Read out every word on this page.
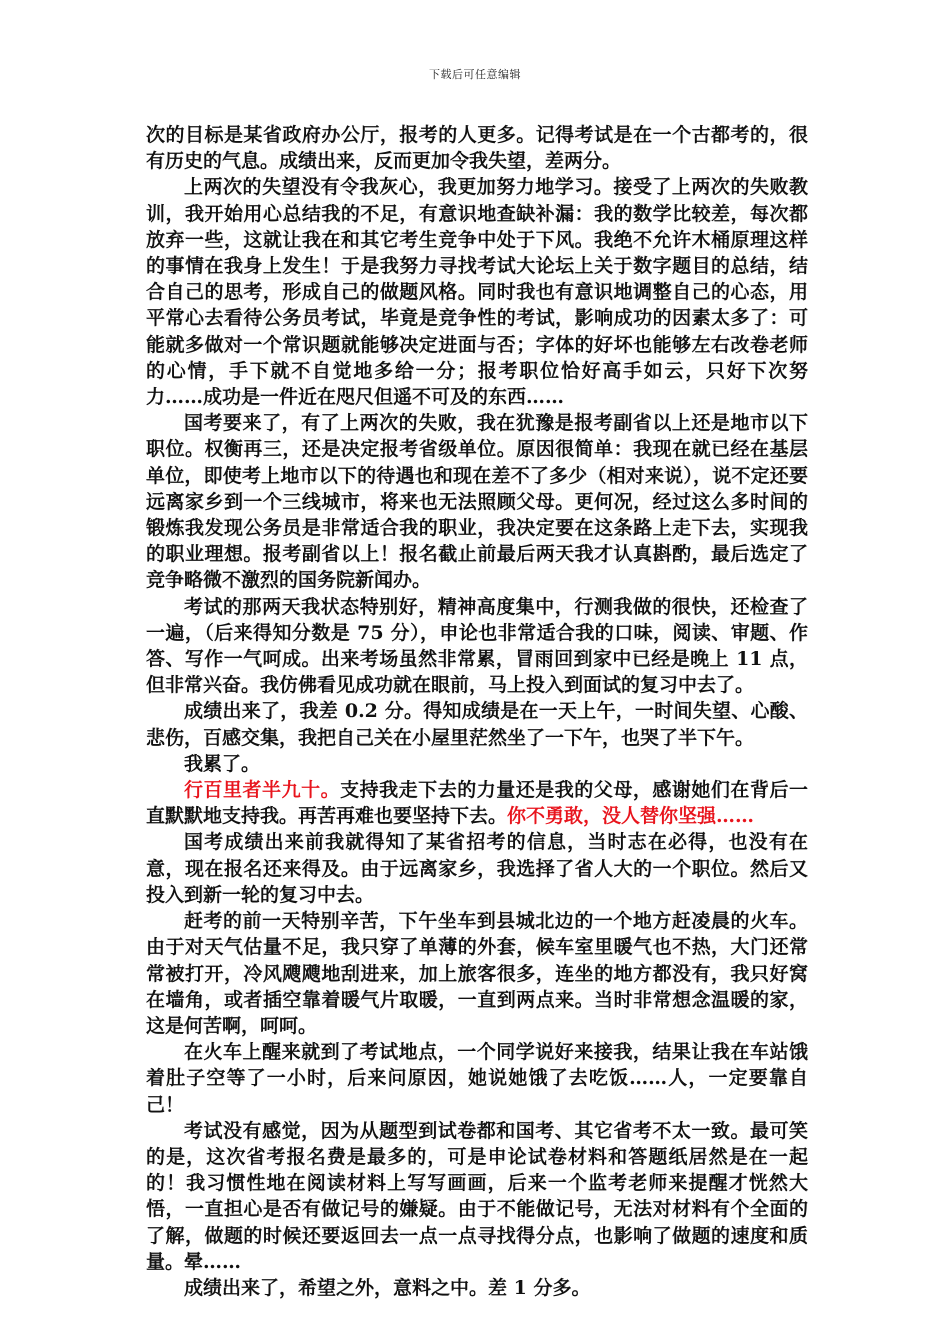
下载后可任意编辑

次的目标是某省政府办公厅，报考的人更多。记得考试是在一个古都考的，很有历史的气息。成绩出来，反而更加令我失望，差两分。

上两次的失望没有令我灰心，我更加努力地学习。接受了上两次的失败教训，我开始用心总结我的不足，有意识地查缺补漏：我的数学比较差，每次都放弃一些，这就让我在和其它考生竞争中处于下风。我绝不允许木桶原理这样的事情在我身上发生！于是我努力寻找考试大论坛上关于数字题目的总结，结合自己的思考，形成自己的做题风格。同时我也有意识地调整自己的心态，用平常心去看待公务员考试，毕竟是竞争性的考试，影响成功的因素太多了：可能就多做对一个常识题就能够决定进面与否；字体的好坏也能够左右改卷老师的心情，手下就不自觉地多给一分；报考职位恰好高手如云，只好下次努力……成功是一件近在咫尺但遥不可及的东西……

国考要来了，有了上两次的失败，我在犹豫是报考副省以上还是地市以下职位。权衡再三，还是决定报考省级单位。原因很简单：我现在就已经在基层单位，即使考上地市以下的待遇也和现在差不了多少（相对来说），说不定还要远离家乡到一个三线城市，将来也无法照顾父母。更何况，经过这么多时间的锻炼我发现公务员是非常适合我的职业，我决定要在这条路上走下去，实现我的职业理想。报考副省以上！报名截止前最后两天我才认真斟酌，最后选定了竞争略微不激烈的国务院新闻办。

考试的那两天我状态特别好，精神高度集中，行测我做的很快，还检查了一遍，（后来得知分数是 75 分），申论也非常适合我的口味，阅读、审题、作答、写作一气呵成。出来考场虽然非常累，冒雨回到家中已经是晚上 11 点，但非常兴奋。我仿佛看见成功就在眼前，马上投入到面试的复习中去了。

成绩出来了，我差 0.2 分。得知成绩是在一天上午，一时间失望、心酸、悲伤，百感交集，我把自己关在小屋里茫然坐了一下午，也哭了半下午。

我累了。

行百里者半九十。支持我走下去的力量还是我的父母，感谢她们在背后一直默默地支持我。再苦再难也要坚持下去。你不勇敢，没人替你坚强……

国考成绩出来前我就得知了某省招考的信息，当时志在必得，也没有在意，现在报名还来得及。由于远离家乡，我选择了省人大的一个职位。然后又投入到新一轮的复习中去。

赶考的前一天特别辛苦，下午坐车到县城北边的一个地方赶凌晨的火车。由于对天气估量不足，我只穿了单薄的外套，候车室里暖气也不热，大门还常常被打开，冷风飕飕地刮进来，加上旅客很多，连坐的地方都没有，我只好窝在墙角，或者插空靠着暖气片取暖，一直到两点来。当时非常想念温暖的家，这是何苦啊，呵呵。

在火车上醒来就到了考试地点，一个同学说好来接我，结果让我在车站饿着肚子空等了一小时，后来问原因，她说她饿了去吃饭……人，一定要靠自己！

考试没有感觉，因为从题型到试卷都和国考、其它省考不太一致。最可笑的是，这次省考报名费是最多的，可是申论试卷材料和答题纸居然是在一起的！我习惯性地在阅读材料上写写画画，后来一个监考老师来提醒才恍然大悟，一直担心是否有做记号的嫌疑。由于不能做记号，无法对材料有个全面的了解，做题的时候还要返回去一点一点寻找得分点，也影响了做题的速度和质量。晕……

成绩出来了，希望之外，意料之中。差 1 分多。
